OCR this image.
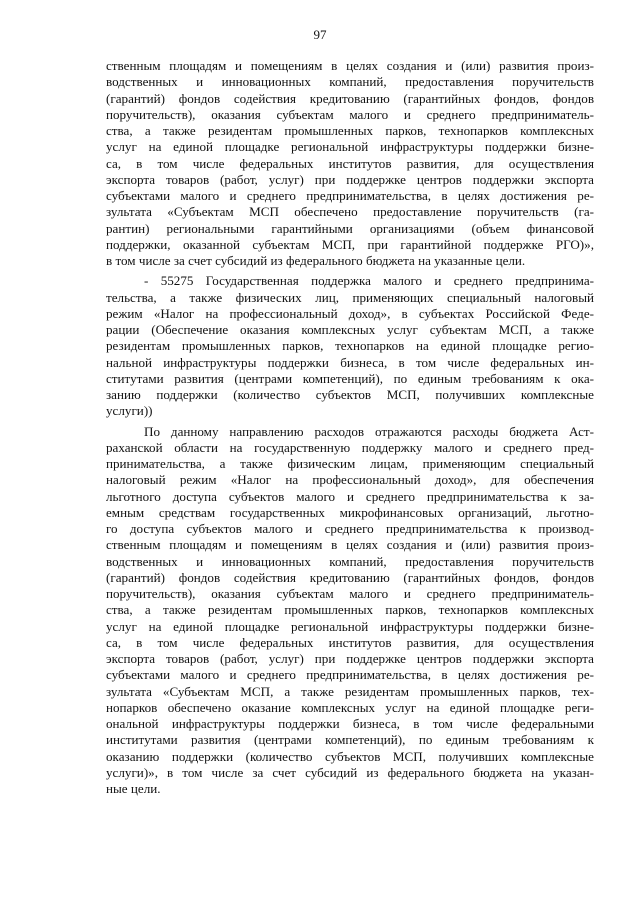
97
ственным площадям и помещениям в целях создания и (или) развития произ-
водственных и инновационных компаний, предоставления поручительств
(гарантий) фондов содействия кредитованию (гарантийных фондов, фондов
поручительств), оказания субъектам малого и среднего предприниматель-
ства, а также резидентам промышленных парков, технопарков комплексных
услуг на единой площадке региональной инфраструктуры поддержки бизне-
са, в том числе федеральных институтов развития, для осуществления
экспорта товаров (работ, услуг) при поддержке центров поддержки экспорта
субъектами малого и среднего предпринимательства, в целях достижения ре-
зультата «Субъектам МСП обеспечено предоставление поручительств (га-
рантин) региональными гарантийными организациями (объем финансовой
поддержки, оказанной субъектам МСП, при гарантийной поддержке РГО)»,
в том числе за счет субсидий из федерального бюджета на указанные цели.
- 55275 Государственная поддержка малого и среднего предпринима-
тельства, а также физических лиц, применяющих специальный налоговый
режим «Налог на профессиональный доход», в субъектах Российской Феде-
рации (Обеспечение оказания комплексных услуг субъектам МСП, а также
резидентам промышленных парков, технопарков на единой площадке регио-
нальной инфраструктуры поддержки бизнеса, в том числе федеральных ин-
ститутами развития (центрами компетенций), по единым требованиям к ока-
занию поддержки (количество субъектов МСП, получивших комплексные
услуги))
По данному направлению расходов отражаются расходы бюджета Аст-
раханской области на государственную поддержку малого и среднего пред-
принимательства, а также физическим лицам, применяющим специальный
налоговый режим «Налог на профессиональный доход», для обеспечения
льготного доступа субъектов малого и среднего предпринимательства к за-
емным средствам государственных микрофинансовых организаций, льготно-
го доступа субъектов малого и среднего предпринимательства к производ-
ственным площадям и помещениям в целях создания и (или) развития произ-
водственных и инновационных компаний, предоставления поручительств
(гарантий) фондов содействия кредитованию (гарантийных фондов, фондов
поручительств), оказания субъектам малого и среднего предприниматель-
ства, а также резидентам промышленных парков, технопарков комплексных
услуг на единой площадке региональной инфраструктуры поддержки бизне-
са, в том числе федеральных институтов развития, для осуществления
экспорта товаров (работ, услуг) при поддержке центров поддержки экспорта
субъектами малого и среднего предпринимательства, в целях достижения ре-
зультата «Субъектам МСП, а также резидентам промышленных парков, тех-
нопарков обеспечено оказание комплексных услуг на единой площадке реги-
ональной инфраструктуры поддержки бизнеса, в том числе федеральными
институтами развития (центрами компетенций), по единым требованиям к
оказанию поддержки (количество субъектов МСП, получивших комплексные
услуги)», в том числе за счет субсидий из федерального бюджета на указан-
ные цели.
